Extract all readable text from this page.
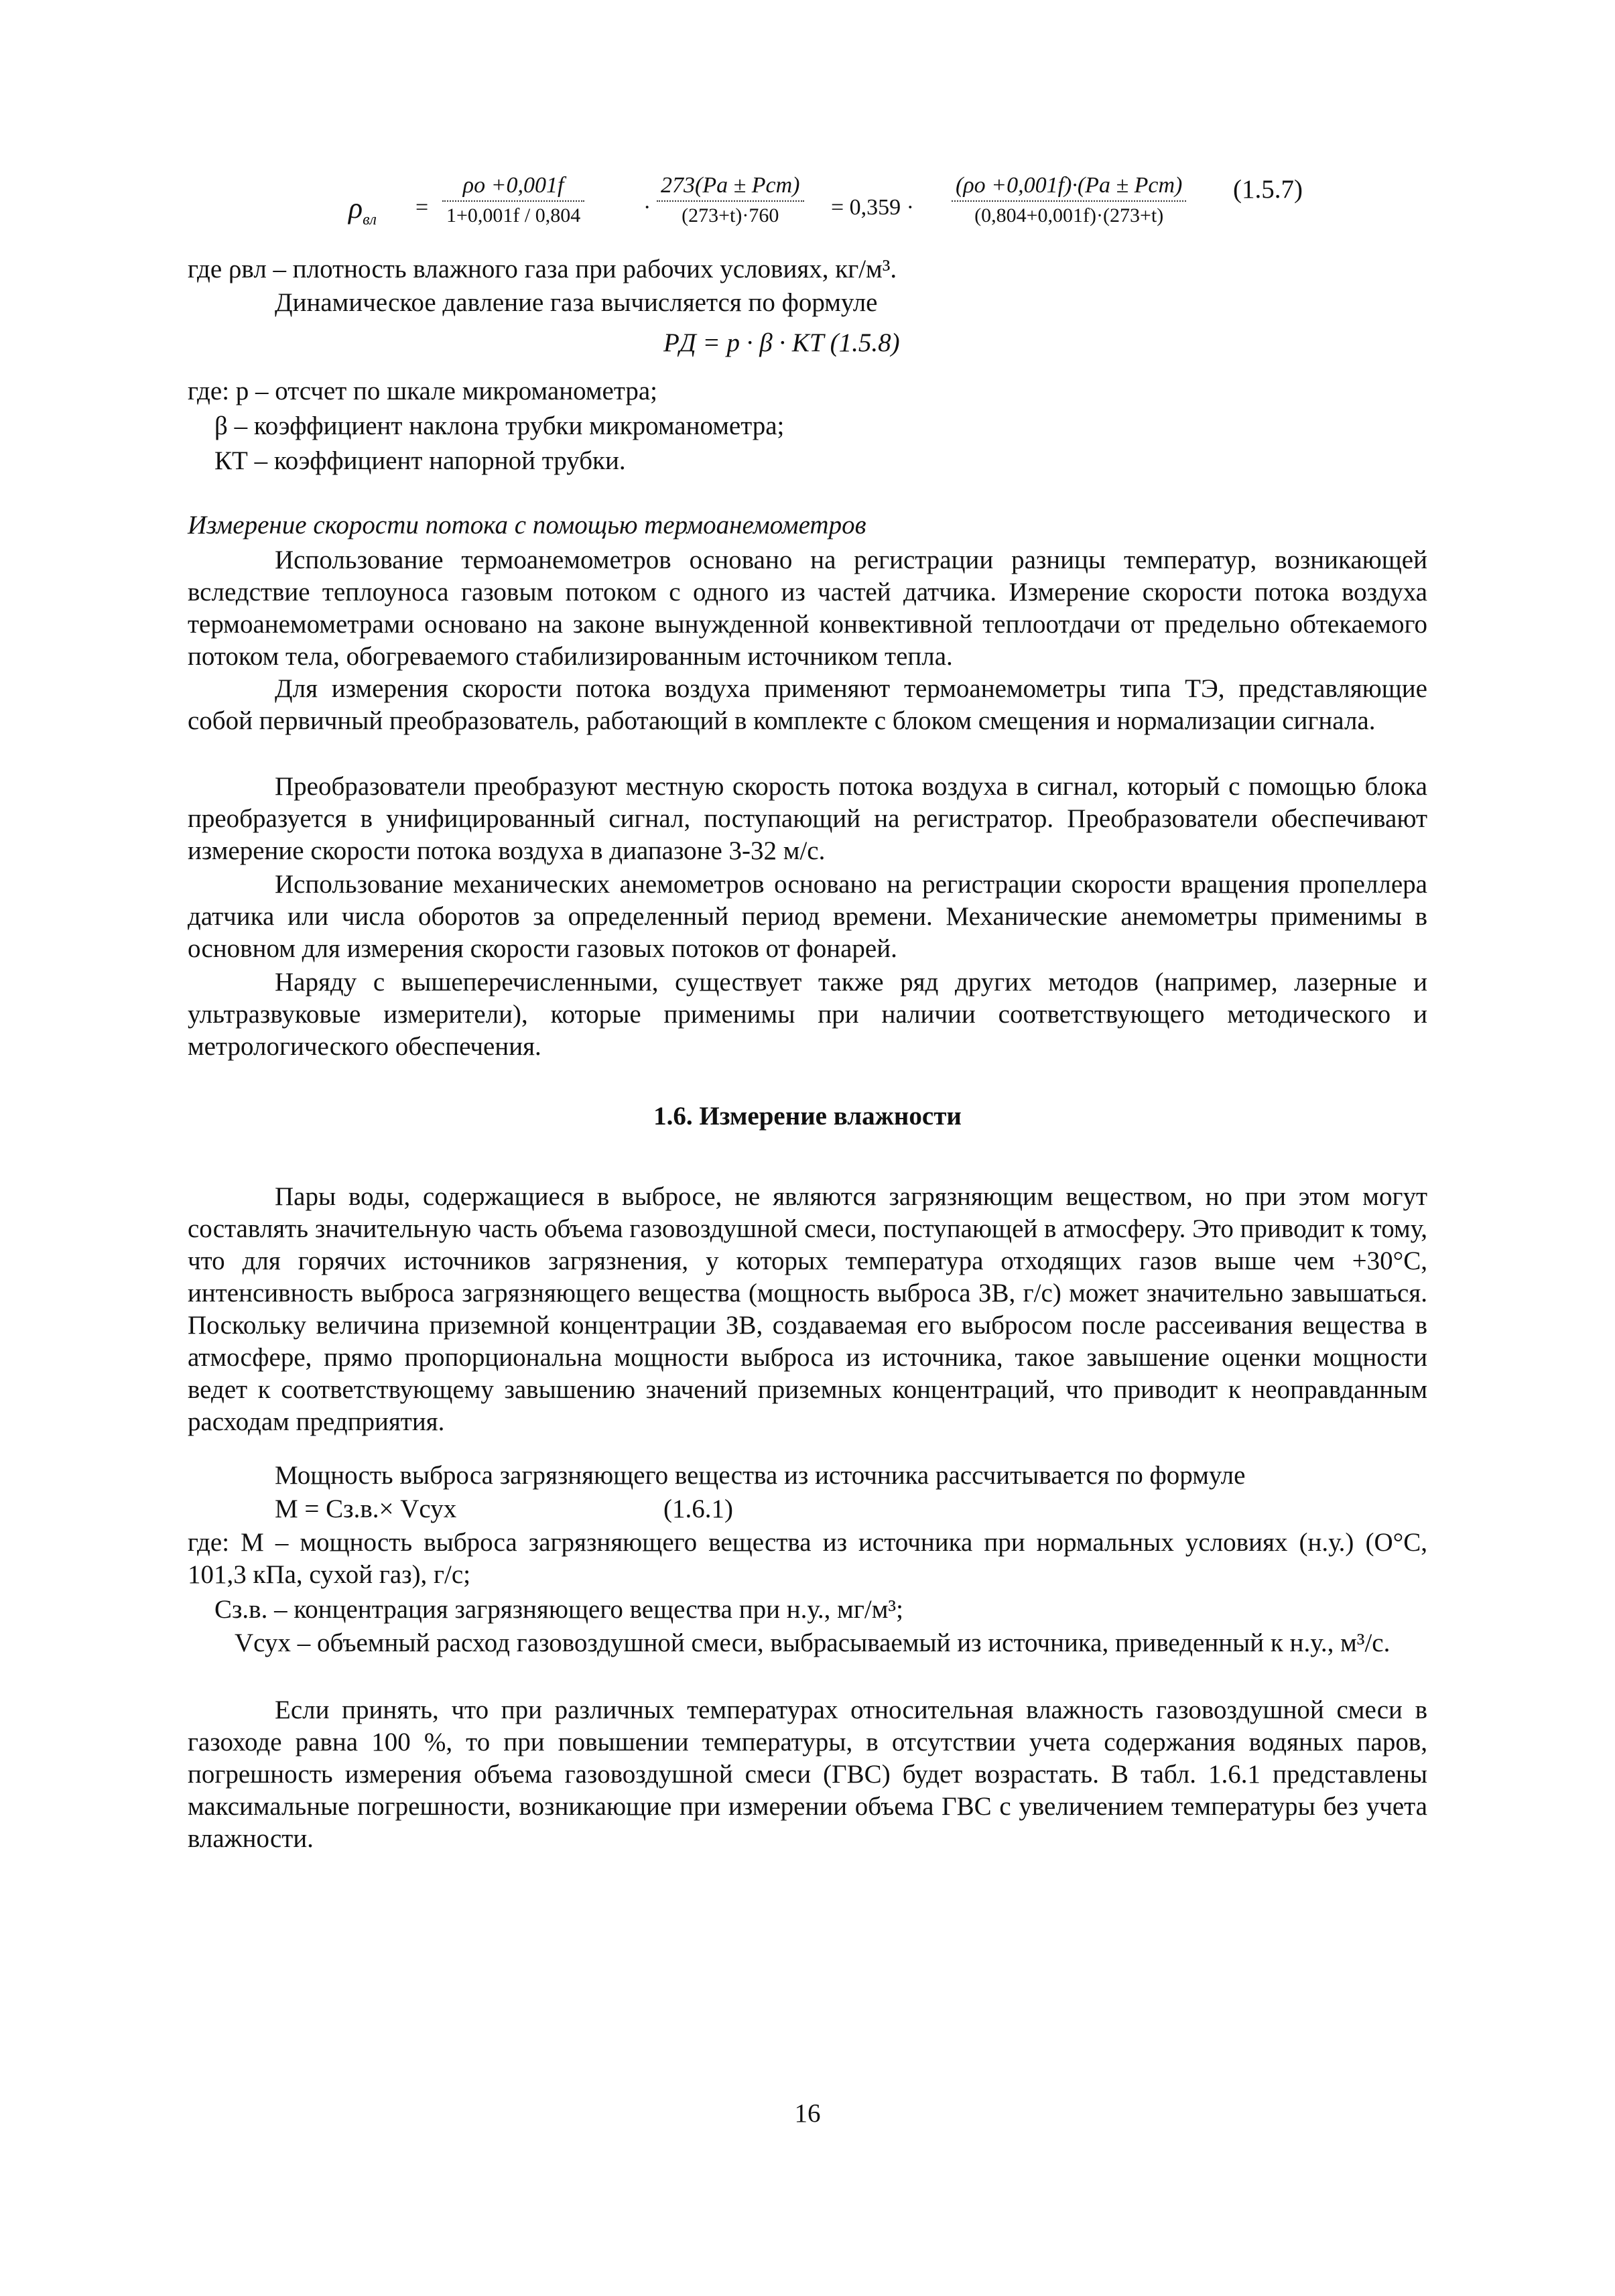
$\rho_{вл} = \frac{\rho o +0,001f}{1+0,001f / 0,804}$	·
273(Pa ± Pcm)
(273+t)·760	= 0,359 ·
(ρo +0,001f)·(Pa ± Pcm)
(0,804+0,001f)·(273+t)
(1.5.7)
где ρвл – плотность влажного газа при рабочих условиях, кг/м³.
Динамическое давление газа вычисляется по формуле
PД = p · β · KT (1.5.8)
где: р – отсчет по шкале микроманометра;
β – коэффициент наклона трубки микроманометра;
КТ – коэффициент напорной трубки.
Измерение скорости потока с помощью термоанемометров
Использование термоанемометров основано на регистрации разницы температур, возникающей вследствие теплоуноса газовым потоком с одного из частей датчика. Измерение скорости потока воздуха термоанемометрами основано на законе вынужденной конвективной теплоотдачи от предельно обтекаемого потоком тела, обогреваемого стабилизированным источником тепла.
Для измерения скорости потока воздуха применяют термоанемометры типа ТЭ, представляющие собой первичный преобразователь, работающий в комплекте с блоком смещения и нормализации сигнала.
Преобразователи преобразуют местную скорость потока воздуха в сигнал, который с помощью блока преобразуется в унифицированный сигнал, поступающий на регистратор. Преобразователи обеспечивают измерение скорости потока воздуха в диапазоне 3-32 м/с.
Использование механических анемометров основано на регистрации скорости вращения пропеллера датчика или числа оборотов за определенный период времени. Механические анемометры применимы в основном для измерения скорости газовых потоков от фонарей.
Наряду с вышеперечисленными, существует также ряд других методов (например, лазерные и ультразвуковые измерители), которые применимы при наличии соответствующего методического и метрологического обеспечения.
1.6. Измерение влажности
Пары воды, содержащиеся в выбросе, не являются загрязняющим веществом, но при этом могут составлять значительную часть объема газовоздушной смеси, поступающей в атмосферу. Это приводит к тому, что для горячих источников загрязнения, у которых температура отходящих газов выше чем +30°С, интенсивность выброса загрязняющего вещества (мощность выброса ЗВ, г/с) может значительно завышаться. Поскольку величина приземной концентрации ЗВ, создаваемая его выбросом после рассеивания вещества в атмосфере, прямо пропорциональна мощности выброса из источника, такое завышение оценки мощности ведет к соответствующему завышению значений приземных концентраций, что приводит к неоправданным расходам предприятия.
Мощность выброса загрязняющего вещества из источника рассчитывается по формуле
M = Cз.в.× Vсух	(1.6.1)
где: М – мощность выброса загрязняющего вещества из источника при нормальных условиях (н.у.) (О°С, 101,3 кПа, сухой газ), г/с;
Cз.в. – концентрация загрязняющего вещества при н.у., мг/м³;
Vсух – объемный расход газовоздушной смеси, выбрасываемый из источника, приведенный к н.у., м³/с.
Если принять, что при различных температурах относительная влажность газовоздушной смеси в газоходе равна 100 %, то при повышении температуры, в отсутствии учета содержания водяных паров, погрешность измерения объема газовоздушной смеси (ГВС) будет возрастать. В табл. 1.6.1 представлены максимальные погрешности, возникающие при измерении объема ГВС с увеличением температуры без учета влажности.
16
